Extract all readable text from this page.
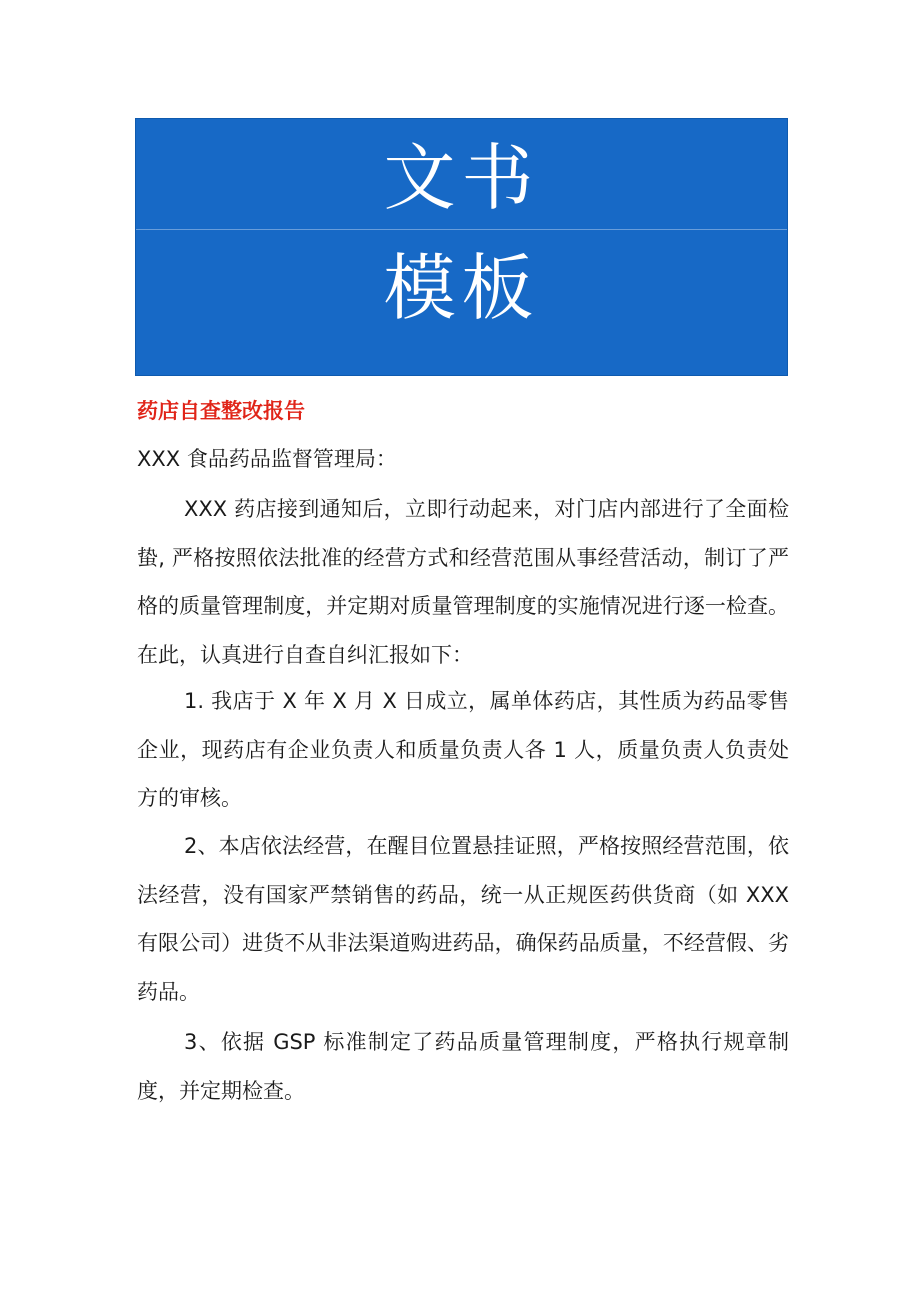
文书
模板
药店自查整改报告

XXX 食品药品监督管理局：

XXX 药店接到通知后，立即行动起来，对门店内部进行了全面检蛰, 严格按照依法批准的经营方式和经营范围从事经营活动，制订了严格的质量管理制度，并定期对质量管理制度的实施情况进行逐一检查。在此，认真进行自查自纠汇报如下：

1. 我店于 X 年 X 月 X 日成立，属单体药店，其性质为药品零售企业，现药店有企业负责人和质量负责人各 1 人，质量负责人负责处方的审核。

2、本店依法经营，在醒目位置悬挂证照，严格按照经营范围，依法经营，没有国家严禁销售的药品，统一从正规医药供货商（如 XXX 有限公司）进货不从非法渠道购进药品，确保药品质量，不经营假、劣药品。

3、依据 GSP 标准制定了药品质量管理制度，严格执行规章制度，并定期检查。
